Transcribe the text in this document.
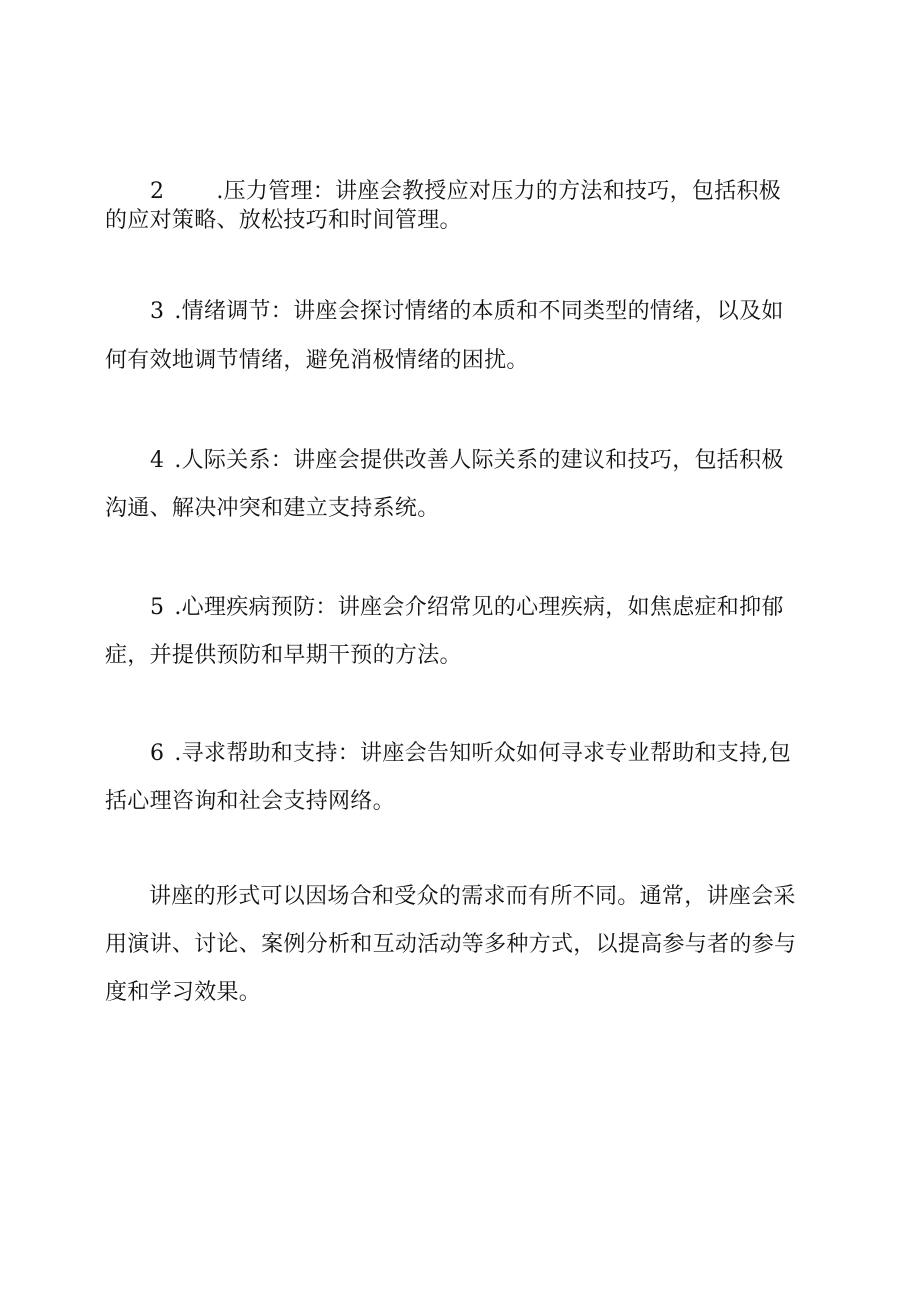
2 .压力管理：讲座会教授应对压力的方法和技巧，包括积极
的应对策略、放松技巧和时间管理。
3 .情绪调节：讲座会探讨情绪的本质和不同类型的情绪，以及如
何有效地调节情绪，避免消极情绪的困扰。
4 .人际关系：讲座会提供改善人际关系的建议和技巧，包括积极
沟通、解决冲突和建立支持系统。
5 .心理疾病预防：讲座会介绍常见的心理疾病，如焦虑症和抑郁
症，并提供预防和早期干预的方法。
6 .寻求帮助和支持：讲座会告知听众如何寻求专业帮助和支持,包
括心理咨询和社会支持网络。
讲座的形式可以因场合和受众的需求而有所不同。通常，讲座会采
用演讲、讨论、案例分析和互动活动等多种方式，以提高参与者的参与
度和学习效果。
